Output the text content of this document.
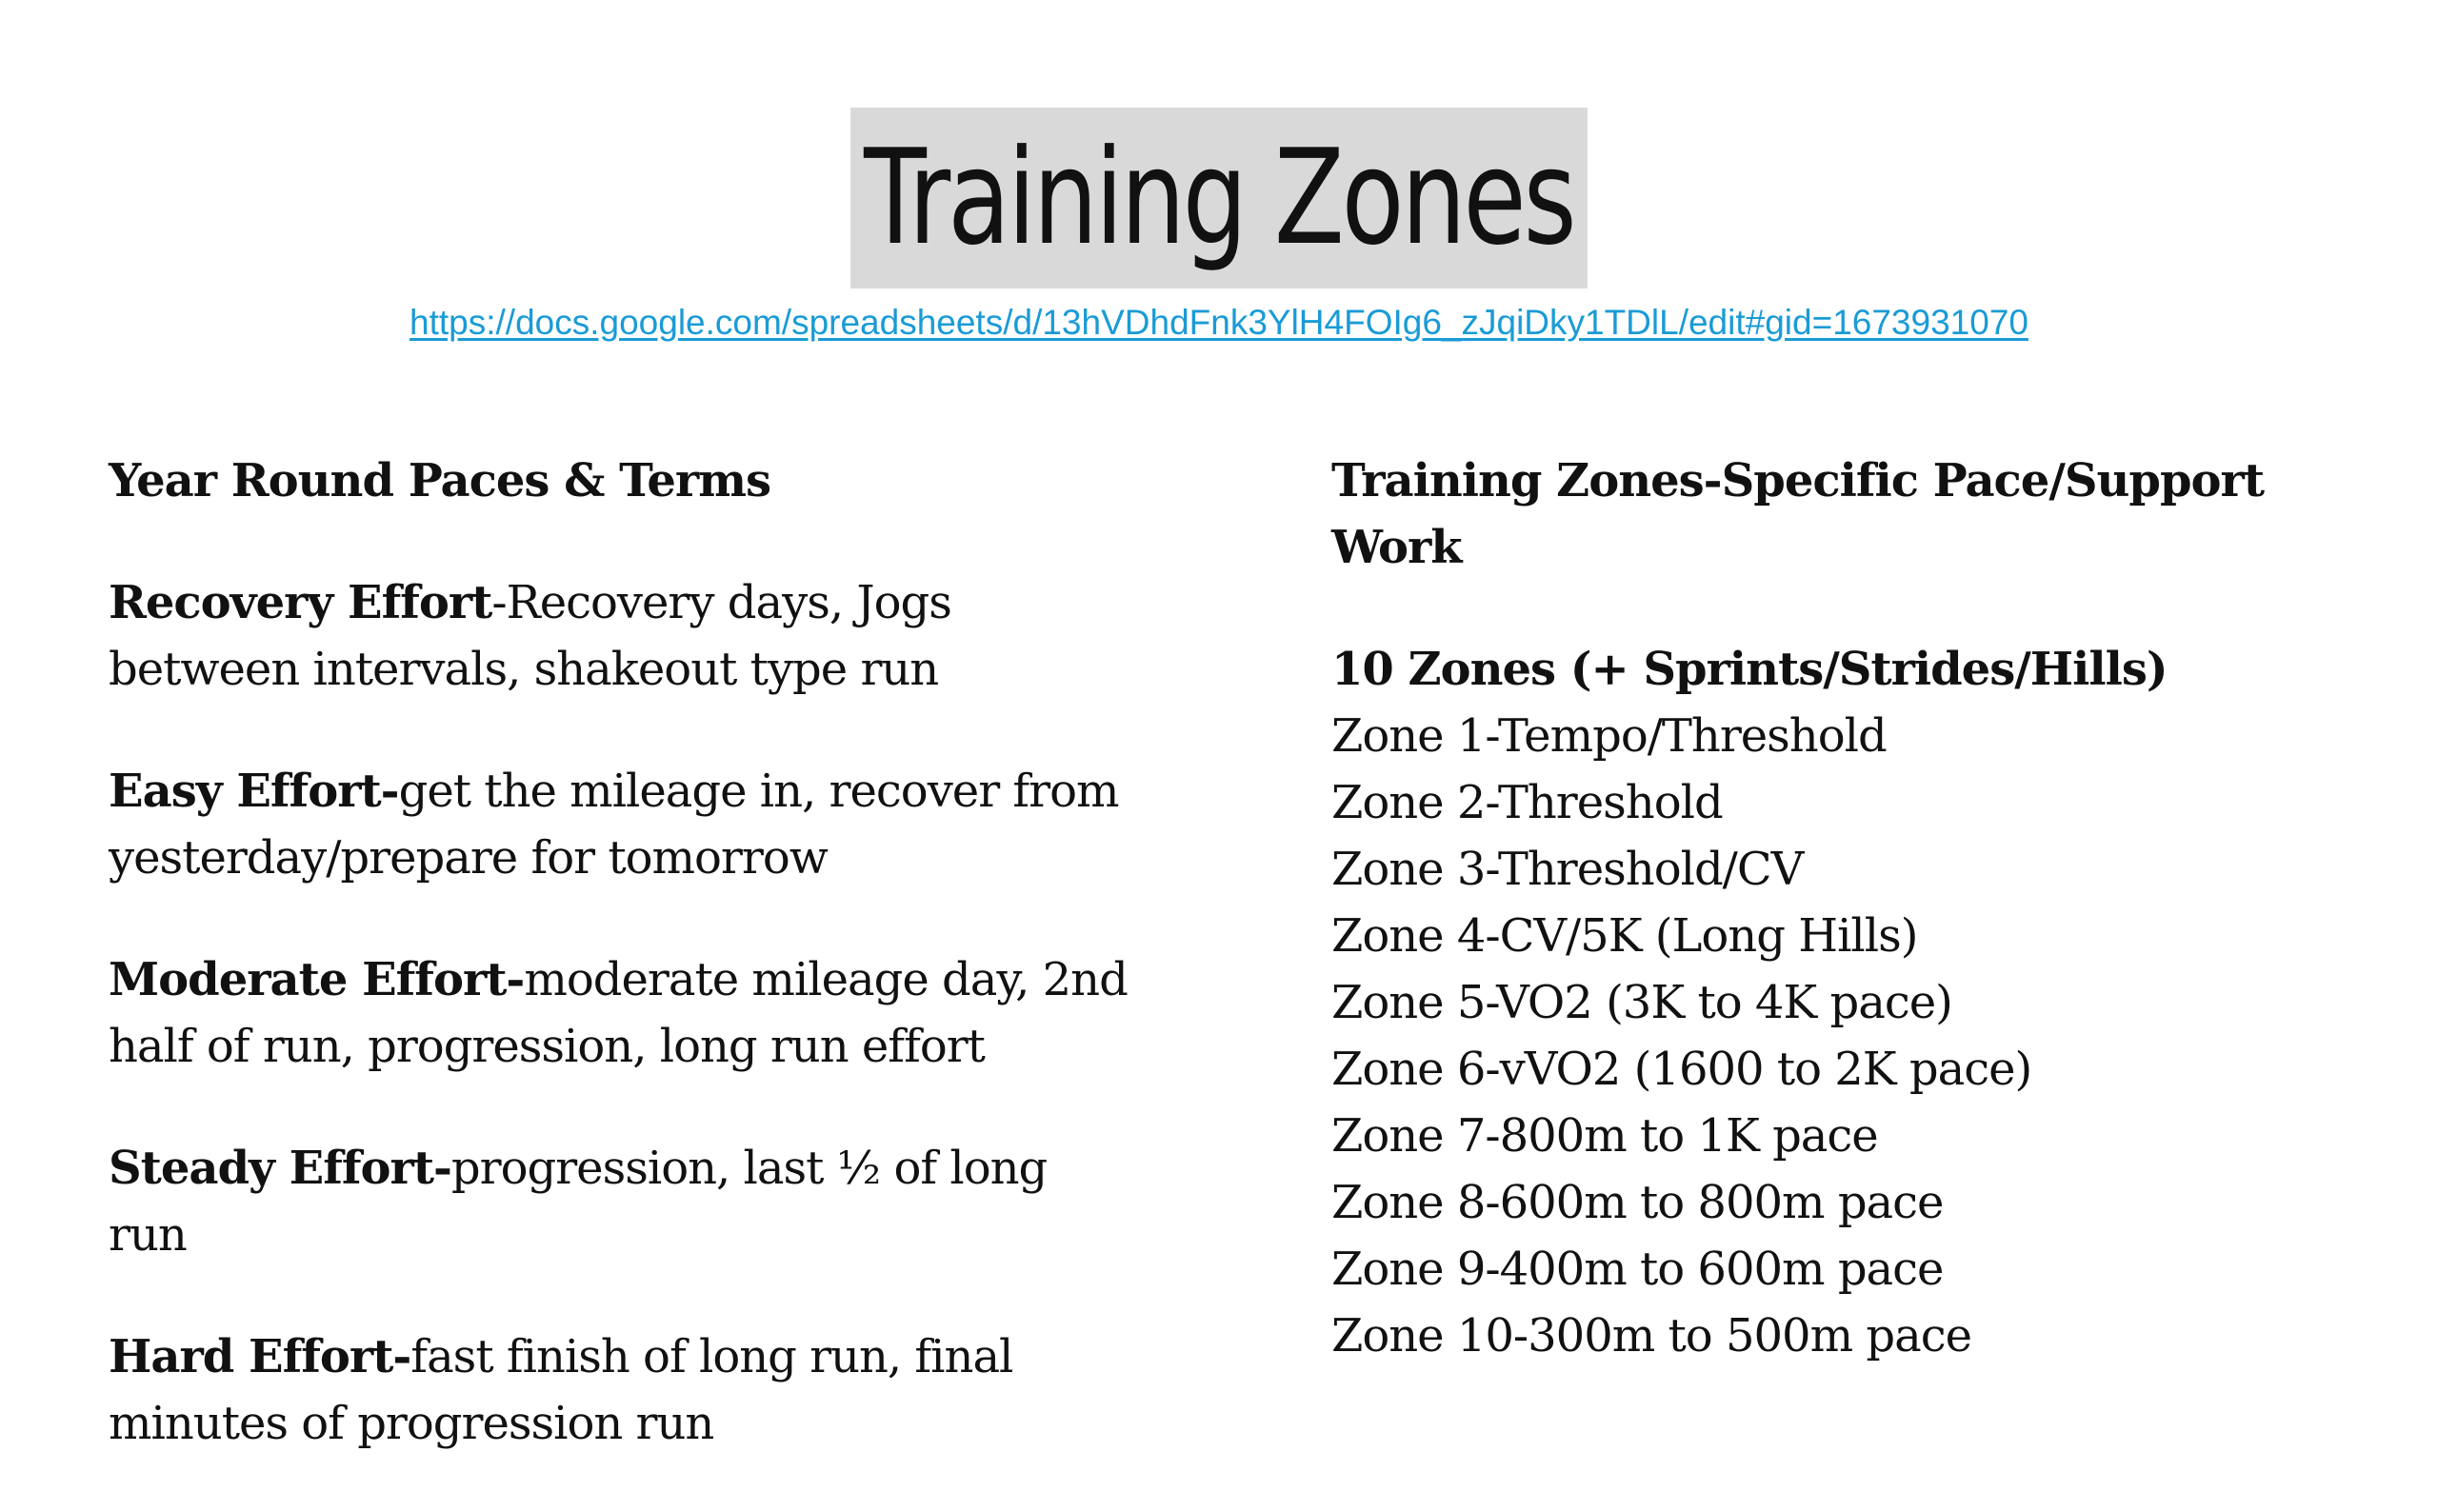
Training Zones
https://docs.google.com/spreadsheets/d/13hVDhdFnk3YlH4FOIg6_zJqiDky1TDlL/edit#gid=1673931070
Year Round Paces & Terms
Recovery Effort-Recovery days, Jogs between intervals, shakeout type run
Easy Effort-get the mileage in, recover from yesterday/prepare for tomorrow
Moderate Effort-moderate mileage day, 2nd half of run, progression, long run effort
Steady Effort-progression, last ½ of long run
Hard Effort-fast finish of long run, final minutes of progression run
Training Zones-Specific Pace/Support Work
10 Zones (+ Sprints/Strides/Hills)
Zone 1-Tempo/Threshold
Zone 2-Threshold
Zone 3-Threshold/CV
Zone 4-CV/5K (Long Hills)
Zone 5-VO2 (3K to 4K pace)
Zone 6-vVO2 (1600 to 2K pace)
Zone 7-800m to 1K pace
Zone 8-600m to 800m pace
Zone 9-400m to 600m pace
Zone 10-300m to 500m pace
